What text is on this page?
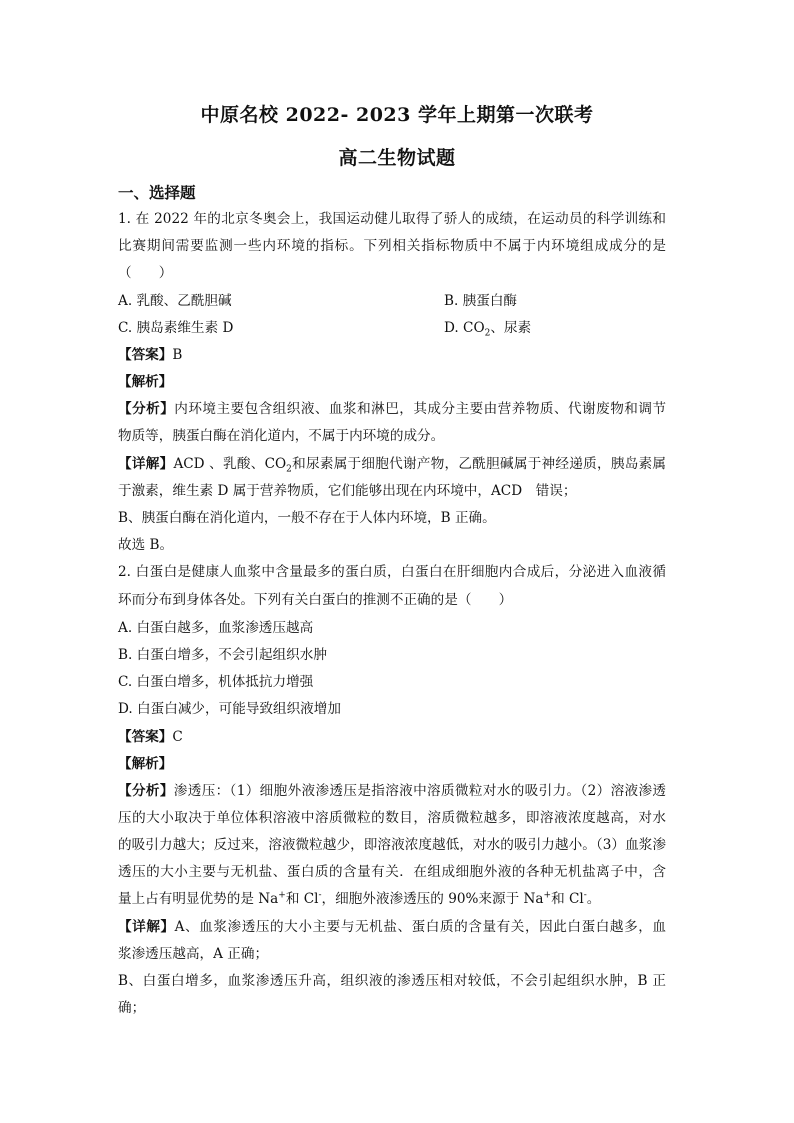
中原名校 2022- 2023 学年上期第一次联考
高二生物试题
一、选择题
1. 在 2022 年的北京冬奥会上，我国运动健儿取得了骄人的成绩，在运动员的科学训练和
比赛期间需要监测一些内环境的指标。下列相关指标物质中不属于内环境组成成分的是
（　　）
A. 乳酸、乙酰胆碱	B. 胰蛋白酶
C. 胰岛素维生素 D	D. $CO_2$、尿素
【答案】B
【解析】
【分析】内环境主要包含组织液、血浆和淋巴，其成分主要由营养物质、代谢废物和调节
物质等，胰蛋白酶在消化道内，不属于内环境的成分。
【详解】ACD 、乳酸、$CO_2$和尿素属于细胞代谢产物，乙酰胆碱属于神经递质，胰岛素属
于激素，维生素 D 属于营养物质，它们能够出现在内环境中，ACD　错误；
B、胰蛋白酶在消化道内，一般不存在于人体内环境，B 正确。
故选 B。
2. 白蛋白是健康人血浆中含量最多的蛋白质，白蛋白在肝细胞内合成后，分泌进入血液循
环而分布到身体各处。下列有关白蛋白的推测不正确的是（　　）
A. 白蛋白越多，血浆渗透压越高
B. 白蛋白增多，不会引起组织水肿
C. 白蛋白增多，机体抵抗力增强
D. 白蛋白减少，可能导致组织液增加
【答案】C
【解析】
【分析】渗透压：（1）细胞外液渗透压是指溶液中溶质微粒对水的吸引力。（2）溶液渗透
压的大小取决于单位体积溶液中溶质微粒的数目，溶质微粒越多，即溶液浓度越高，对水
的吸引力越大；反过来，溶液微粒越少，即溶液浓度越低，对水的吸引力越小。（3）血浆渗
透压的大小主要与无机盐、蛋白质的含量有关．在组成细胞外液的各种无机盐离子中，含
量上占有明显优势的是 Na+和 Cl-，细胞外液渗透压的 90%来源于 Na+和 Cl-。
【详解】A、血浆渗透压的大小主要与无机盐、蛋白质的含量有关，因此白蛋白越多，血
浆渗透压越高，A 正确；
B、白蛋白增多，血浆渗透压升高，组织液的渗透压相对较低，不会引起组织水肿，B 正
确；
